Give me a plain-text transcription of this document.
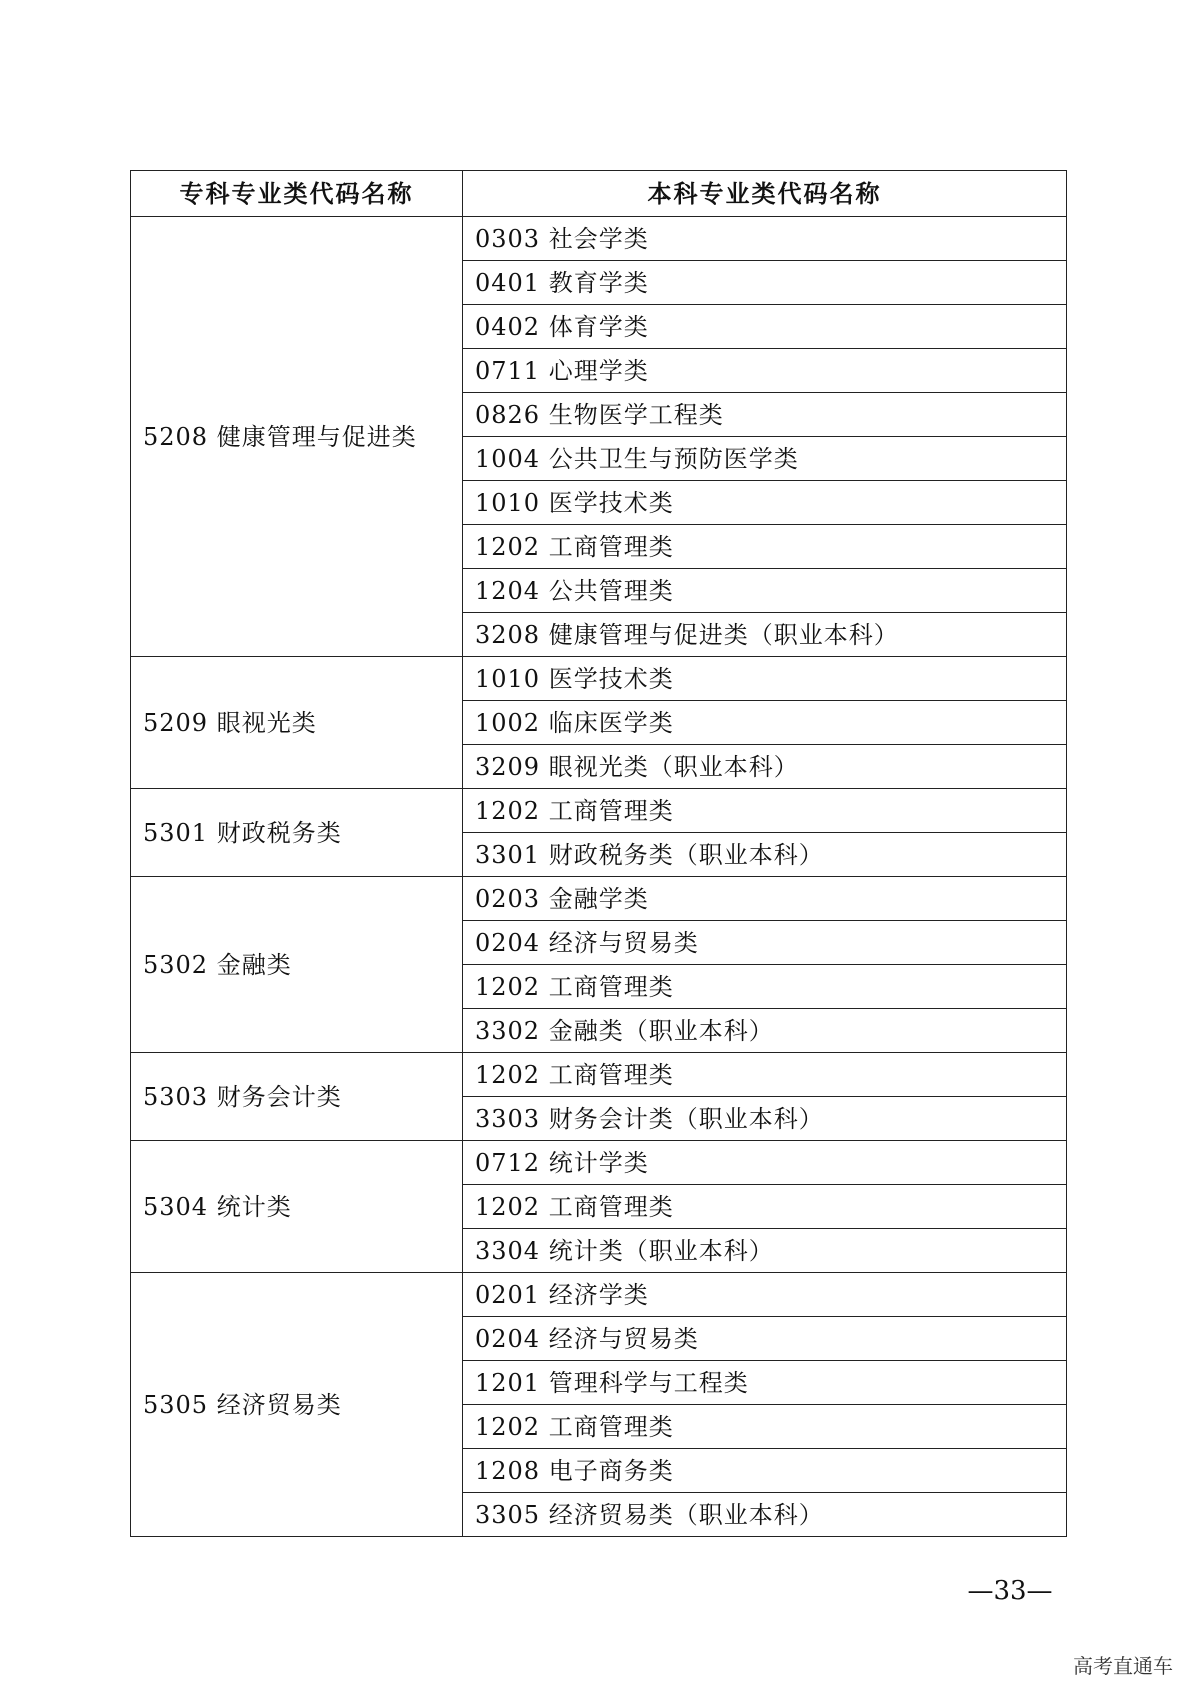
专科专业类代码名称	本科专业类代码名称
5208 健康管理与促进类	0303 社会学类
	0401 教育学类
	0402 体育学类
	0711 心理学类
	0826 生物医学工程类
	1004 公共卫生与预防医学类
	1010 医学技术类
	1202 工商管理类
	1204 公共管理类
	3208 健康管理与促进类（职业本科）
5209 眼视光类	1010 医学技术类
	1002 临床医学类
	3209 眼视光类（职业本科）
5301 财政税务类	1202 工商管理类
	3301 财政税务类（职业本科）
5302 金融类	0203 金融学类
	0204 经济与贸易类
	1202 工商管理类
	3302 金融类（职业本科）
5303 财务会计类	1202 工商管理类
	3303 财务会计类（职业本科）
5304 统计类	0712 统计学类
	1202 工商管理类
	3304 统计类（职业本科）
5305 经济贸易类	0201 经济学类
	0204 经济与贸易类
	1201 管理科学与工程类
	1202 工商管理类
	1208 电子商务类
	3305 经济贸易类（职业本科）
—33—
高考直通车
